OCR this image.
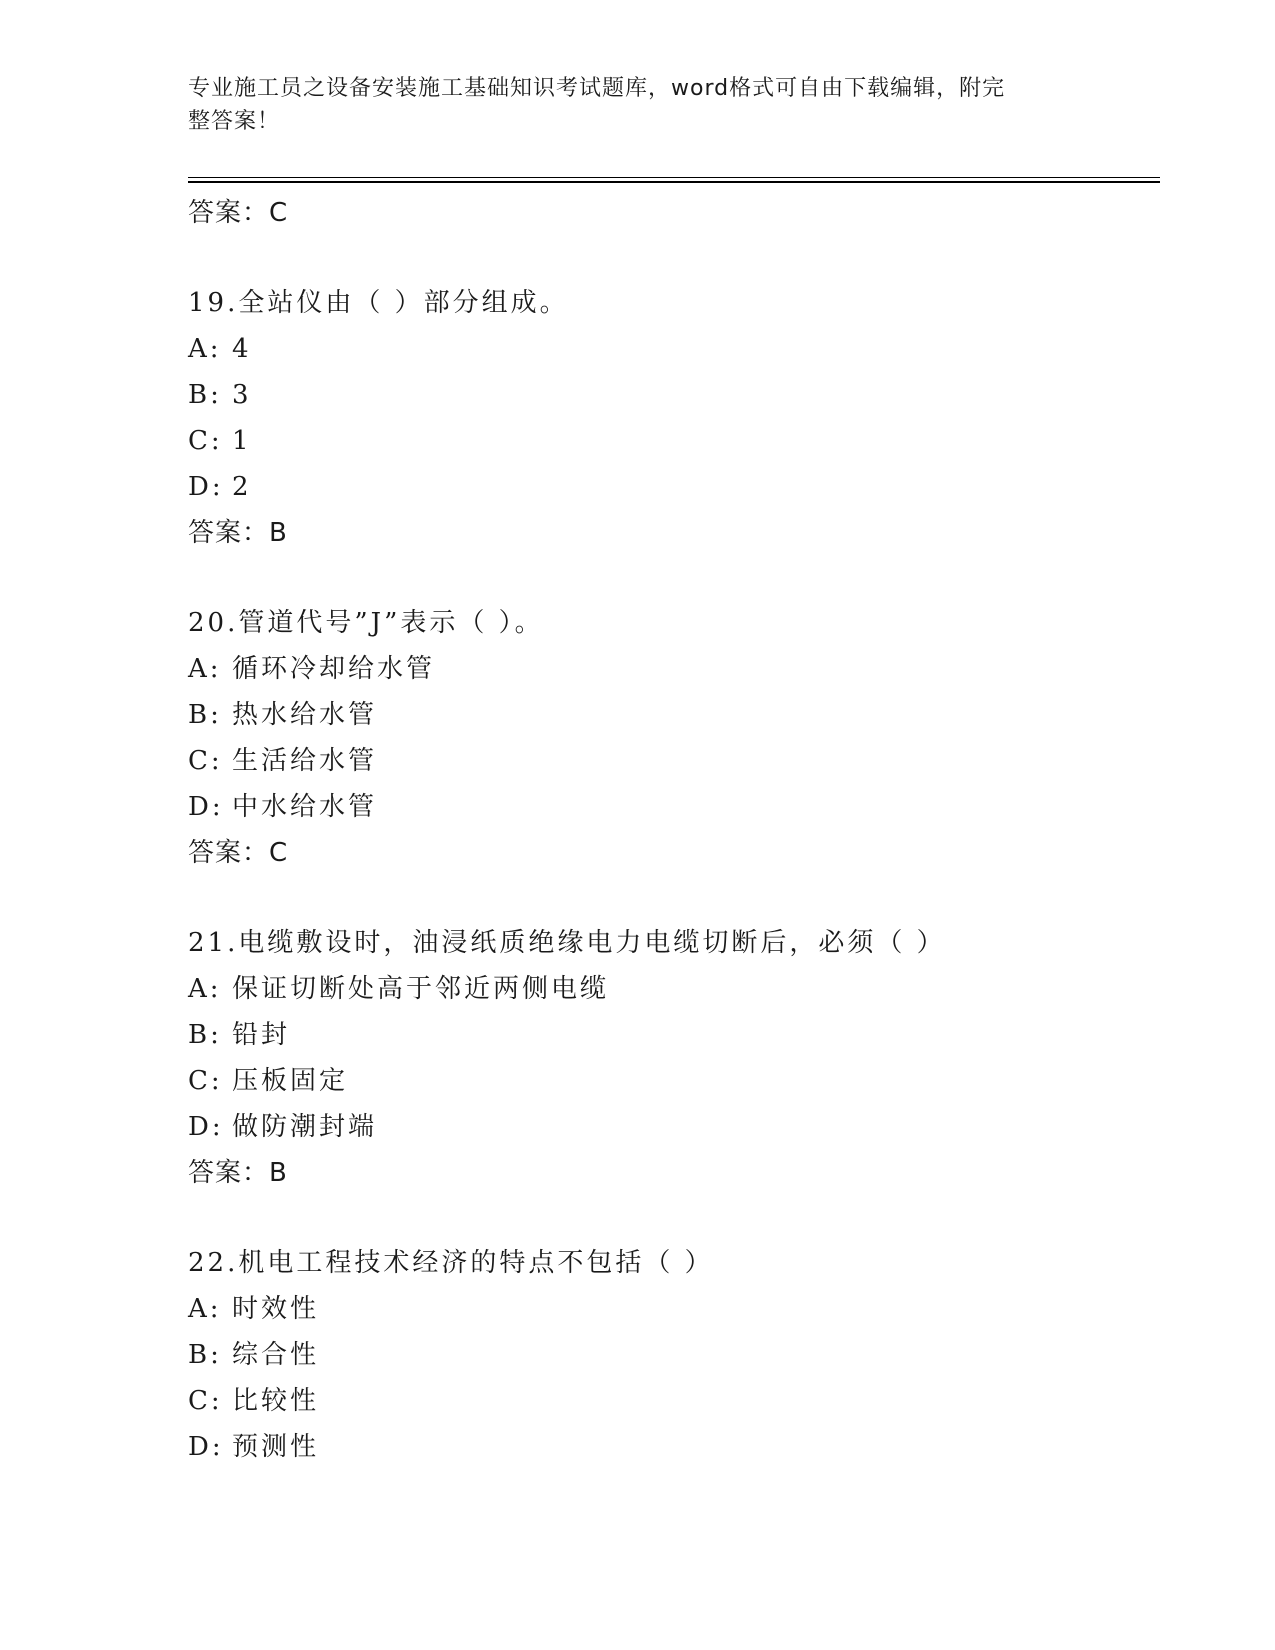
专业施工员之设备安装施工基础知识考试题库，word格式可自由下载编辑，附完
整答案！
答案：C
19.全站仪由（ ）部分组成。
A: 4
B: 3
C: 1
D: 2
答案：B
20.管道代号”J”表示（ ）。
A: 循环冷却给水管
B: 热水给水管
C: 生活给水管
D: 中水给水管
答案：C
21.电缆敷设时，油浸纸质绝缘电力电缆切断后，必须（ ）
A: 保证切断处高于邻近两侧电缆
B: 铅封
C: 压板固定
D: 做防潮封端
答案：B
22.机电工程技术经济的特点不包括（ ）
A: 时效性
B: 综合性
C: 比较性
D: 预测性
